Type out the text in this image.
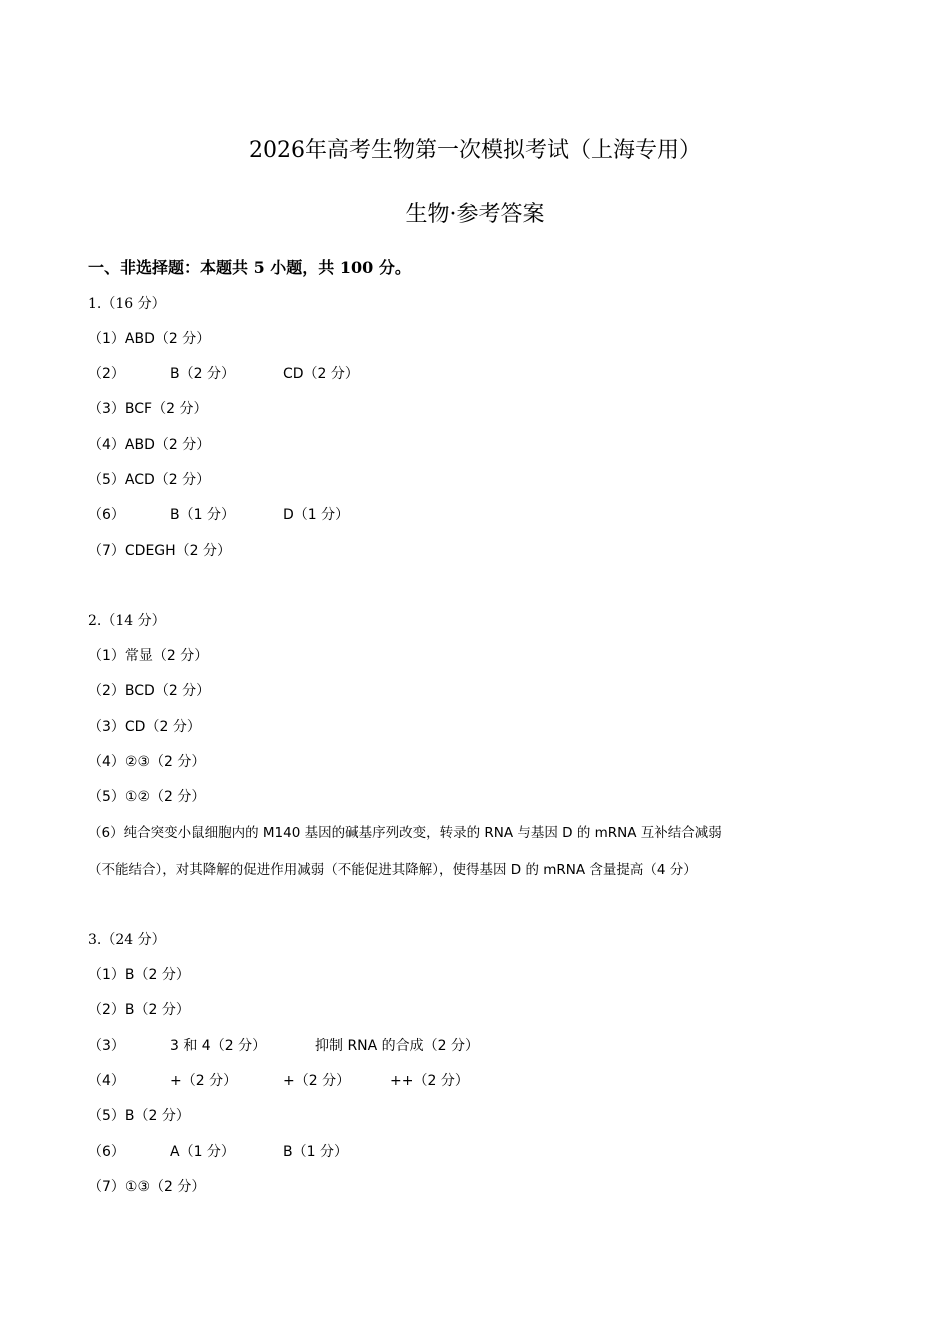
2026年高考生物第一次模拟考试（上海专用）
生物·参考答案
一、非选择题：本题共 5 小题，共 100 分。
1.（16 分）
（1）ABD（2 分）
（2）	B（2 分）	CD（2 分）
（3）BCF（2 分）
（4）ABD（2 分）
（5）ACD（2 分）
（6）	B（1 分）	D（1 分）
（7）CDEGH（2 分）
2.（14 分）
（1）常显（2 分）
（2）BCD（2 分）
（3）CD（2 分）
（4）②③（2 分）
（5）①②（2 分）
（6）纯合突变小鼠细胞内的 M140 基因的碱基序列改变，转录的 RNA 与基因 D 的 mRNA 互补结合减弱
（不能结合），对其降解的促进作用减弱（不能促进其降解），使得基因 D 的 mRNA 含量提高（4 分）
3.（24 分）
（1）B（2 分）
（2）B（2 分）
（3）	3 和 4（2 分）	抑制 RNA 的合成（2 分）
（4）	+（2 分）	+（2 分）	++（2 分）
（5）B（2 分）
（6）	A（1 分）	B（1 分）
（7）①③（2 分）
